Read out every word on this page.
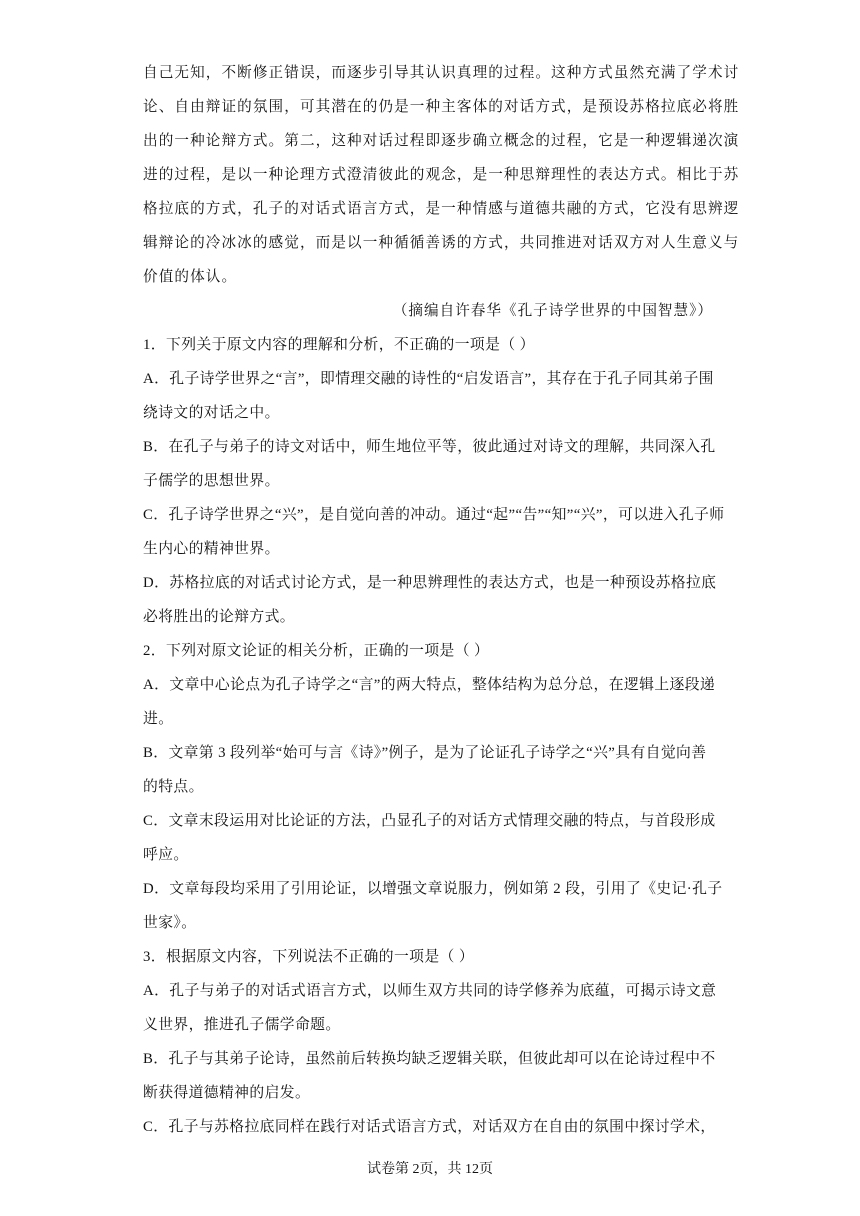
自己无知，不断修正错误，而逐步引导其认识真理的过程。这种方式虽然充满了学术讨
论、自由辩证的氛围，可其潜在的仍是一种主客体的对话方式，是预设苏格拉底必将胜
出的一种论辩方式。第二，这种对话过程即逐步确立概念的过程，它是一种逻辑递次演
进的过程，是以一种论理方式澄清彼此的观念，是一种思辩理性的表达方式。相比于苏
格拉底的方式，孔子的对话式语言方式，是一种情感与道德共融的方式，它没有思辨逻
辑辩论的冷冰冰的感觉，而是以一种循循善诱的方式，共同推进对话双方对人生意义与
价值的体认。
（摘编自许春华《孔子诗学世界的中国智慧》）
1．下列关于原文内容的理解和分析，不正确的一项是（ ）
A．孔子诗学世界之“言”，即情理交融的诗性的“启发语言”，其存在于孔子同其弟子围
绕诗文的对话之中。
B．在孔子与弟子的诗文对话中，师生地位平等，彼此通过对诗文的理解，共同深入孔
子儒学的思想世界。
C．孔子诗学世界之“兴”，是自觉向善的冲动。通过“起”“告”“知”“兴”，可以进入孔子师
生内心的精神世界。
D．苏格拉底的对话式讨论方式，是一种思辨理性的表达方式，也是一种预设苏格拉底
必将胜出的论辩方式。
2．下列对原文论证的相关分析，正确的一项是（ ）
A．文章中心论点为孔子诗学之“言”的两大特点，整体结构为总分总，在逻辑上逐段递
进。
B．文章第 3 段列举“始可与言《诗》”例子，是为了论证孔子诗学之“兴”具有自觉向善
的特点。
C．文章末段运用对比论证的方法，凸显孔子的对话方式情理交融的特点，与首段形成
呼应。
D．文章每段均采用了引用论证，以增强文章说服力，例如第 2 段，引用了《史记·孔子
世家》。
3．根据原文内容，下列说法不正确的一项是（ ）
A．孔子与弟子的对话式语言方式，以师生双方共同的诗学修养为底蕴，可揭示诗文意
义世界，推进孔子儒学命题。
B．孔子与其弟子论诗，虽然前后转换均缺乏逻辑关联，但彼此却可以在论诗过程中不
断获得道德精神的启发。
C．孔子与苏格拉底同样在践行对话式语言方式，对话双方在自由的氛围中探讨学术，
试卷第 2页，共 12页
